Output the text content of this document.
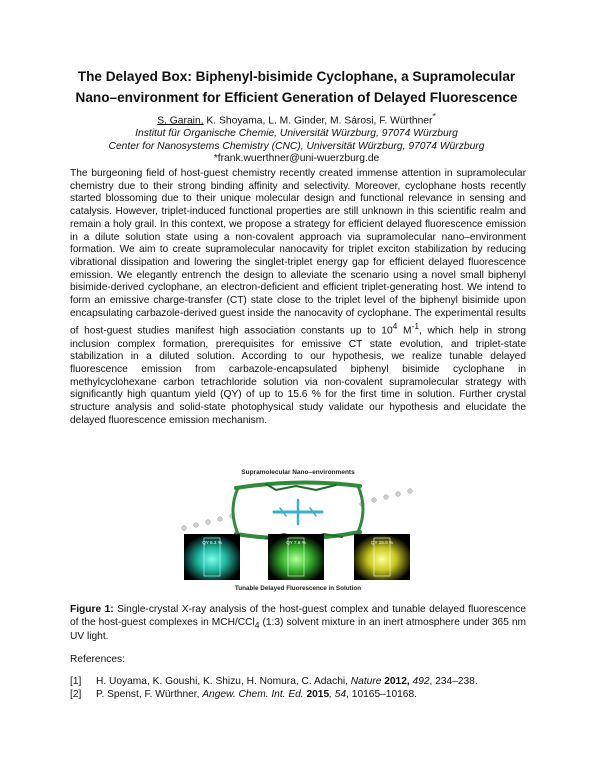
The Delayed Box: Biphenyl-bisimide Cyclophane, a Supramolecular
Nano–environment for Efficient Generation of Delayed Fluorescence
S. Garain, K. Shoyama, L. M. Ginder, M. Sárosi, F. Würthner*
Institut für Organische Chemie, Universität Würzburg, 97074 Würzburg
Center for Nanosystems Chemistry (CNC), Universität Würzburg, 97074 Würzburg
*frank.wuerthner@uni-wuerzburg.de

The burgeoning field of host-guest chemistry recently created immense attention in supramolecular chemistry due to their strong binding affinity and selectivity. Moreover, cyclophane hosts recently started blossoming due to their unique molecular design and functional relevance in sensing and catalysis. However, triplet-induced functional properties are still unknown in this scientific realm and remain a holy grail. In this context, we propose a strategy for efficient delayed fluorescence emission in a dilute solution state using a non-covalent approach via supramolecular nano–environment formation. We aim to create supramolecular nanocavity for triplet exciton stabilization by reducing vibrational dissipation and lowering the singlet-triplet energy gap for efficient delayed fluorescence emission. We elegantly entrench the design to alleviate the scenario using a novel small biphenyl bisimide-derived cyclophane, an electron-deficient and efficient triplet-generating host. We intend to form an emissive charge-transfer (CT) state close to the triplet level of the biphenyl bisimide upon encapsulating carbazole-derived guest inside the nanocavity of cyclophane. The experimental results of host-guest studies manifest high association constants up to $10^4$ $M^{-1}$, which help in strong inclusion complex formation, prerequisites for emissive CT state evolution, and triplet-state stabilization in a diluted solution. According to our hypothesis, we realize tunable delayed fluorescence emission from carbazole-encapsulated biphenyl bisimide cyclophane in methylcyclohexane carbon tetrachloride solution via non-covalent supramolecular strategy with significantly high quantum yield (QY) of up to 15.6 % for the first time in solution. Further crystal structure analysis and solid-state photophysical study validate our hypothesis and elucidate the delayed fluorescence emission mechanism.

Supramolecular Nano–environments
QY 5.3 %	QY 7.8 %	QY 15.6 %
Tunable Delayed Fluorescence in Solution

Figure 1: Single-crystal X-ray analysis of the host-guest complex and tunable delayed fluorescence of the host-guest complexes in MCH/CCl$_4$ (1:3) solvent mixture in an inert atmosphere under 365 nm UV light.

References:
[1]	H. Uoyama, K. Goushi, K. Shizu, H. Nomura, C. Adachi, Nature 2012, 492, 234–238.
[2]	P. Spenst, F. Würthner, Angew. Chem. Int. Ed. 2015, 54, 10165–10168.
